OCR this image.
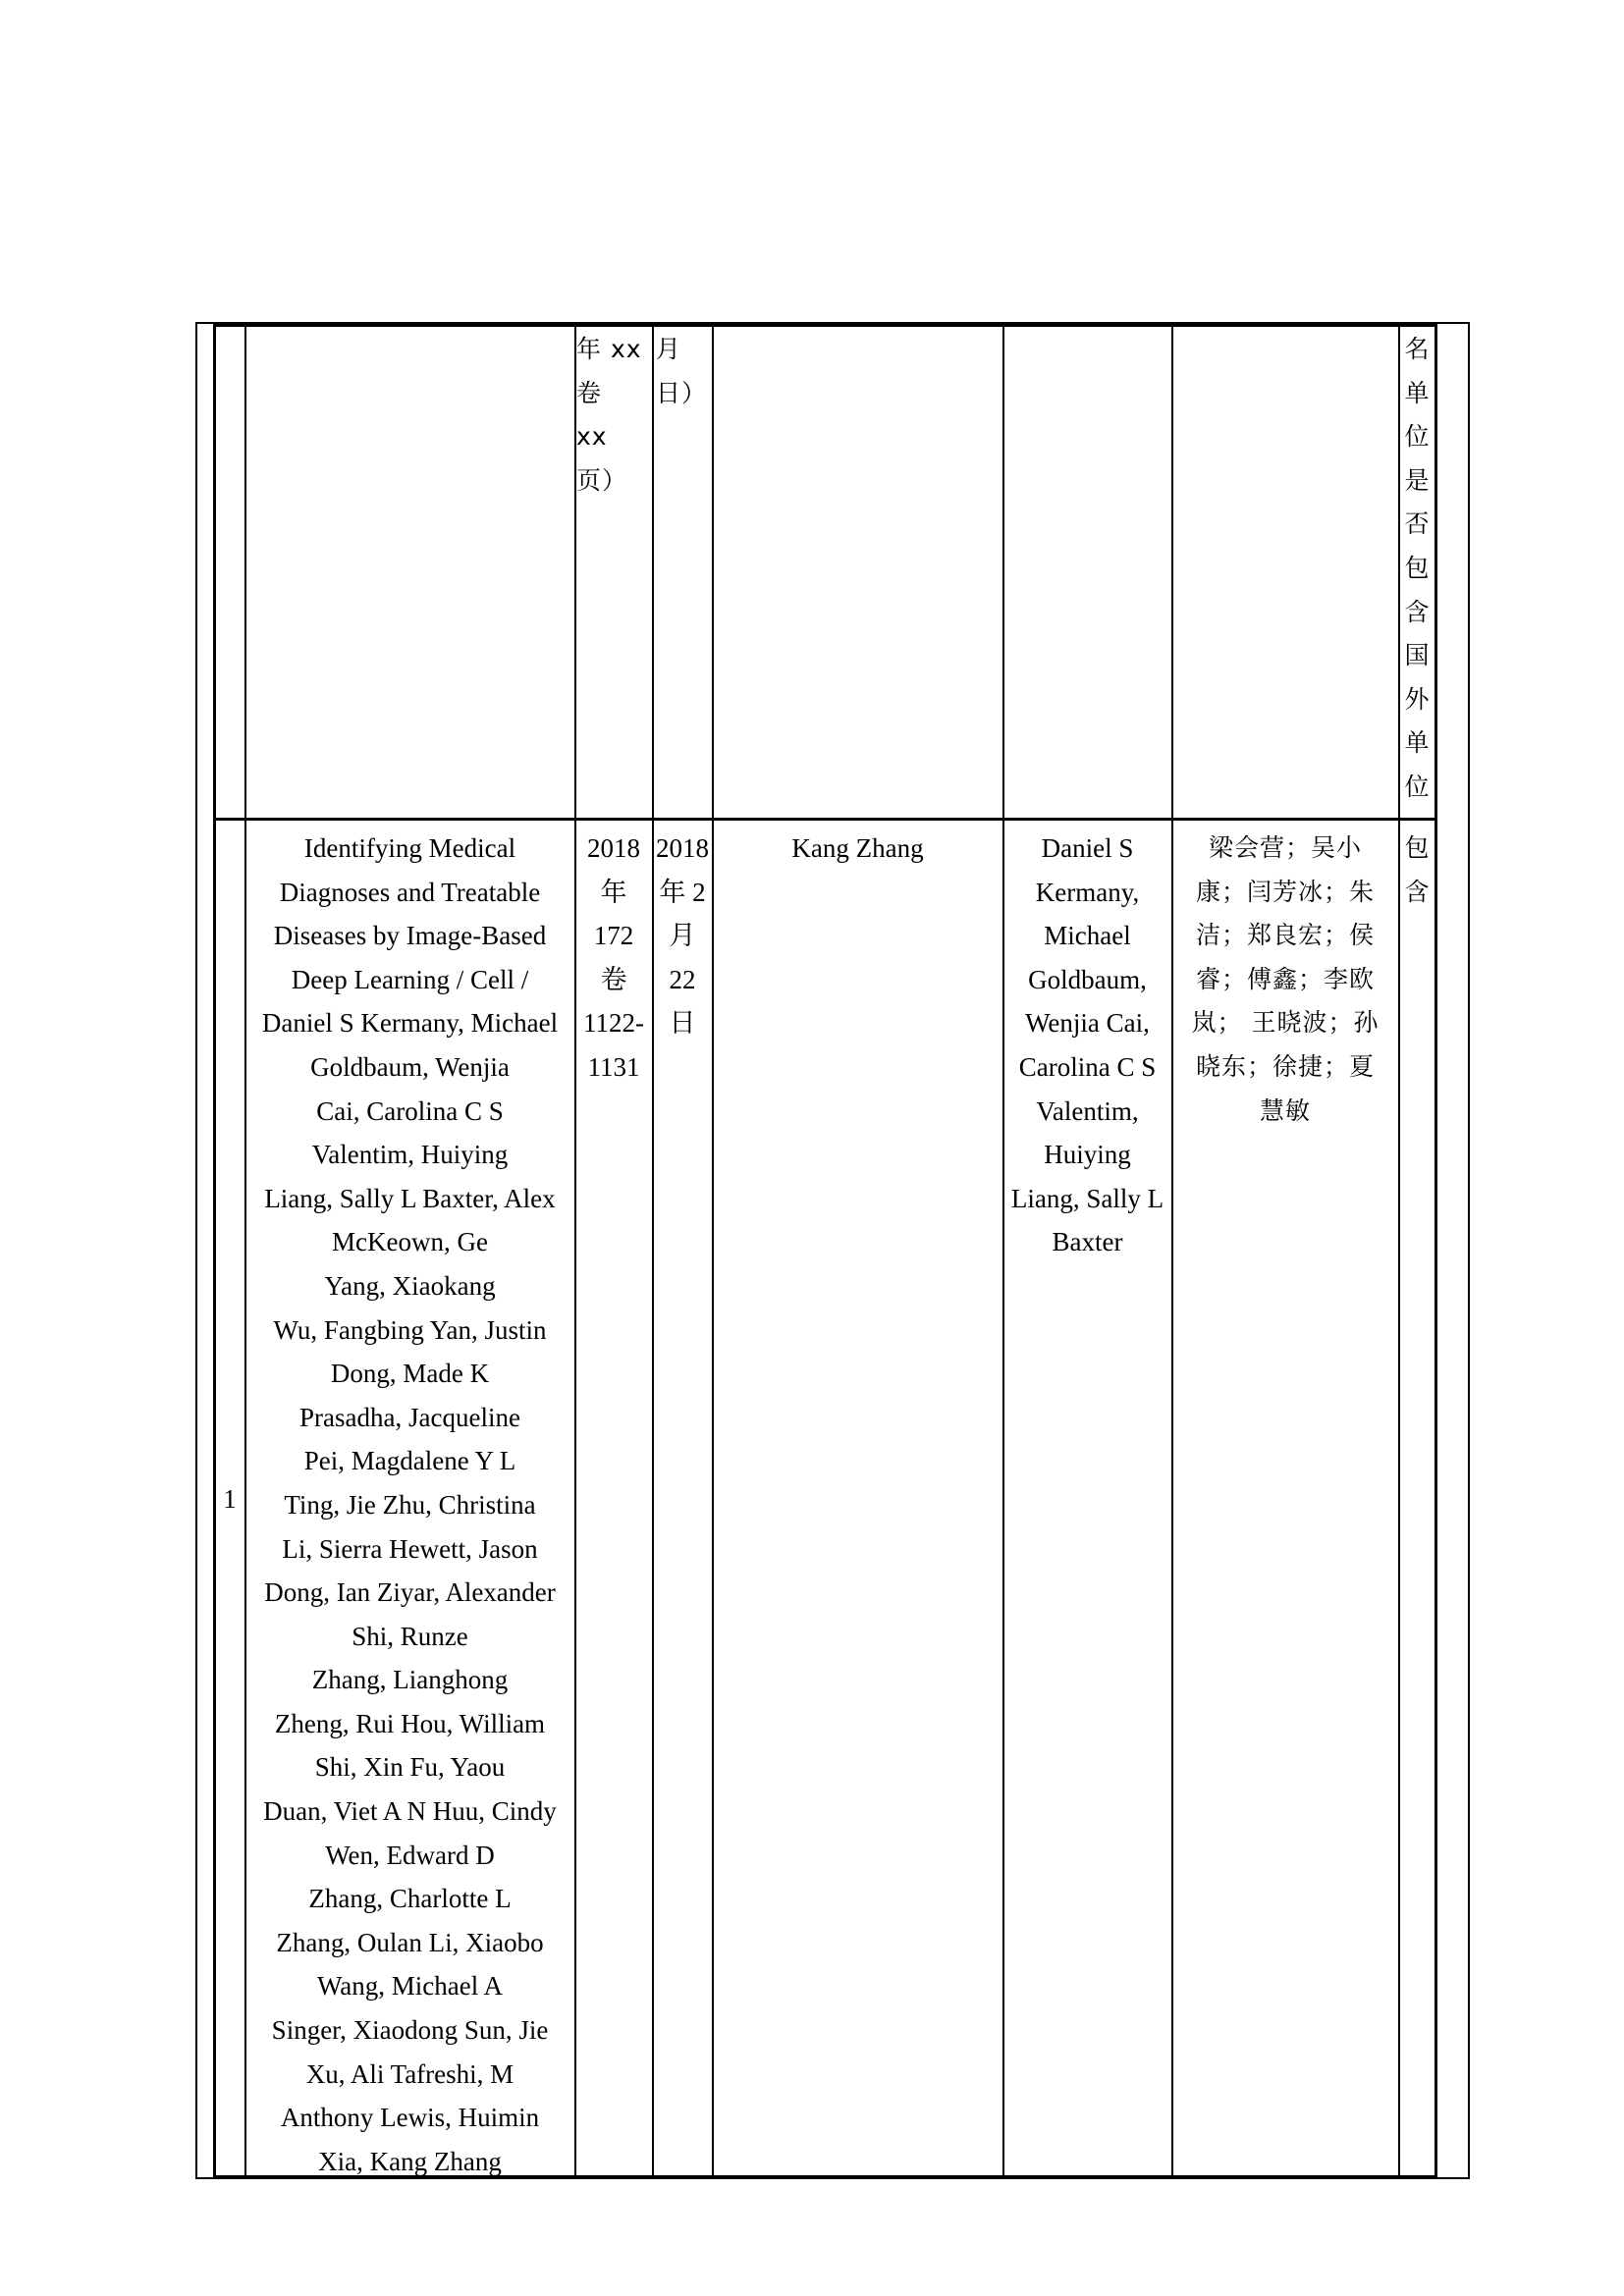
年 xx
卷
xx
页）
月
日）
名
单
位
是
否
包
含
国
外
单
位
1
Identifying Medical
Diagnoses and Treatable
Diseases by Image-Based
Deep Learning / Cell /
Daniel S Kermany, Michael
Goldbaum, Wenjia
Cai, Carolina C S
Valentim, Huiying
Liang, Sally L Baxter, Alex
McKeown, Ge
Yang, Xiaokang
Wu, Fangbing Yan, Justin
Dong, Made K
Prasadha, Jacqueline
Pei, Magdalene Y L
Ting, Jie Zhu, Christina
Li, Sierra Hewett, Jason
Dong, Ian Ziyar, Alexander
Shi, Runze
Zhang, Lianghong
Zheng, Rui Hou, William
Shi, Xin Fu, Yaou
Duan, Viet A N Huu, Cindy
Wen, Edward D
Zhang, Charlotte L
Zhang, Oulan Li, Xiaobo
Wang, Michael A
Singer, Xiaodong Sun, Jie
Xu, Ali Tafreshi, M
Anthony Lewis, Huimin
Xia, Kang Zhang
2018
年
172
卷
1122-
1131
2018
年 2
月
22
日
Kang Zhang	Daniel S
Kermany,
Michael
Goldbaum,
Wenjia Cai,
Carolina C S
Valentim,
Huiying
Liang, Sally L
Baxter
梁会营；吴小
康；闫芳冰；朱
洁；郑良宏；侯
睿；傅鑫；李欧
岚； 王晓波；孙
晓东；徐捷；夏
慧敏
包
含
